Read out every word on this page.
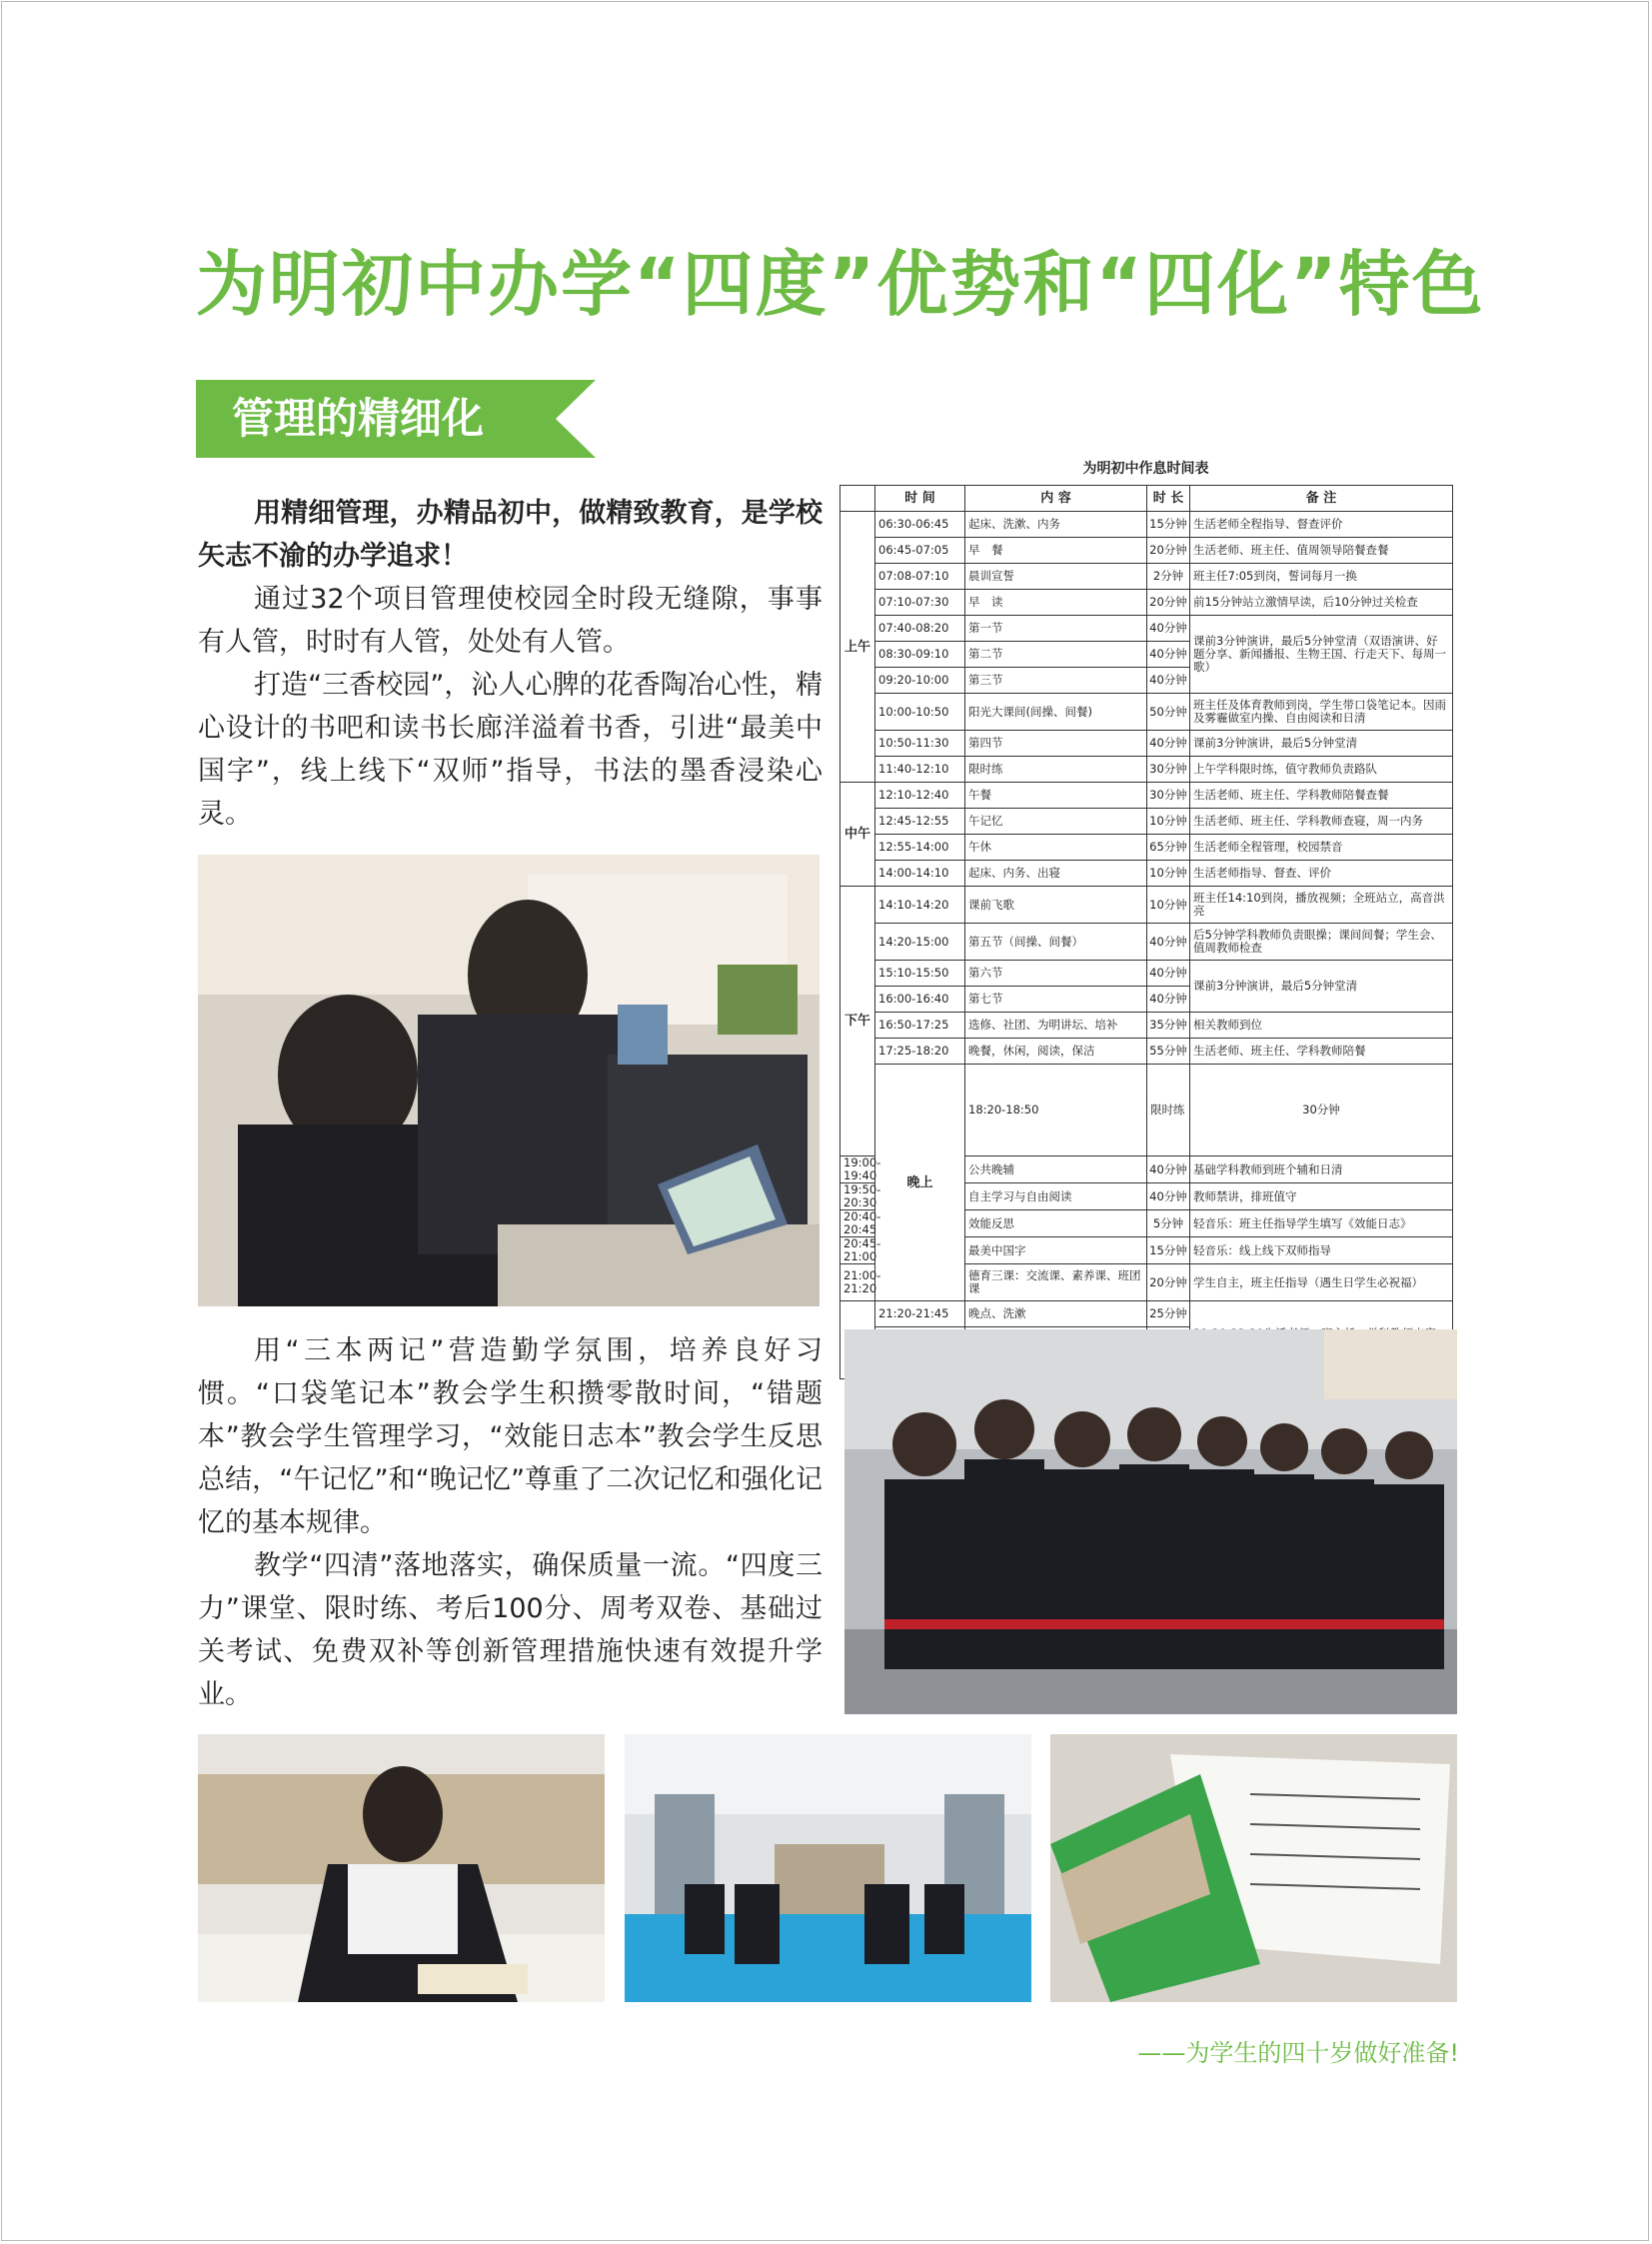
为明初中办学“四度”优势和“四化”特色
管理的精细化

用精细管理，办精品初中，做精致教育，是学校矢志不渝的办学追求！

通过32个项目管理使校园全时段无缝隙，事事有人管，时时有人管，处处有人管。

打造“三香校园”，沁人心脾的花香陶冶心性，精心设计的书吧和读书长廊洋溢着书香，引进“最美中国字”，线上线下“双师”指导，书法的墨香浸染心灵。

用“三本两记”营造勤学氛围，培养良好习惯。“口袋笔记本”教会学生积攒零散时间，“错题本”教会学生管理学习，“效能日志本”教会学生反思总结，“午记忆”和“晚记忆”尊重了二次记忆和强化记忆的基本规律。

教学“四清”落地落实，确保质量一流。“四度三力”课堂、限时练、考后100分、周考双卷、基础过关考试、免费双补等创新管理措施快速有效提升学业。

为明初中作息时间表
	时 间	内 容	时 长	备 注	
上午	06:30-06:45	起床、洗漱、内务	15分钟	生活老师全程指导、督查评价	
	06:45-07:05	早　餐	20分钟	生活老师、班主任、值周领导陪餐查餐	
	07:08-07:10	晨训宣誓	2分钟	班主任7:05到岗，誓词每月一换	
	07:10-07:30	早　读	20分钟	前15分钟站立激情早读，后10分钟过关检查	
	07:40-08:20	第一节	40分钟	课前3分钟演讲，最后5分钟堂清（双语演讲、好题分享、新闻播报、生物王国、行走天下、每周一歌）	
	08:30-09:10	第二节	40分钟		
	09:20-10:00	第三节	40分钟		
	10:00-10:50	阳光大课间(间操、间餐)	50分钟	班主任及体育教师到岗，学生带口袋笔记本。因雨及雾霾做室内操、自由阅读和日清	
	10:50-11:30	第四节	40分钟	课前3分钟演讲，最后5分钟堂清	
	11:40-12:10	限时练	30分钟	上午学科限时练，值守教师负责路队	
中午	12:10-12:40	午餐	30分钟	生活老师、班主任、学科教师陪餐查餐	
	12:45-12:55	午记忆	10分钟	生活老师、班主任、学科教师查寝，周一内务	
	12:55-14:00	午休	65分钟	生活老师全程管理，校园禁音	
	14:00-14:10	起床、内务、出寝	10分钟	生活老师指导、督查、评价	
下午	14:10-14:20	课前飞歌	10分钟	班主任14:10到岗，播放视频；全班站立，高音洪亮	
	14:20-15:00	第五节（间操、间餐）	40分钟	后5分钟学科教师负责眼操；课间间餐；学生会、值周教师检查	
	15:10-15:50	第六节	40分钟	课前3分钟演讲，最后5分钟堂清	
	16:00-16:40	第七节	40分钟		
	16:50-17:25	选修、社团、为明讲坛、培补	35分钟	相关教师到位	
	17:25-18:20	晚餐，休闲，阅读，保洁	55分钟	生活老师、班主任、学科教师陪餐	
	晚上	18:20-18:50	限时练	30分钟	
19:00-19:40		公共晚辅	40分钟	基础学科教师到班个辅和日清	
19:50-20:30		自主学习与自由阅读	40分钟	教师禁讲，排班值守	
20:40-20:45		效能反思	5分钟	轻音乐：班主任指导学生填写《效能日志》	
20:45-21:00		最美中国字	15分钟	轻音乐：线上线下双师指导	
21:00-21:20		德育三课：交流课、素养课、班团课	20分钟	学生自主，班主任指导（遇生日学生必祝福）	
	21:20-21:45	晚点、洗漱	25分钟	

——为学生的四十岁做好准备!
